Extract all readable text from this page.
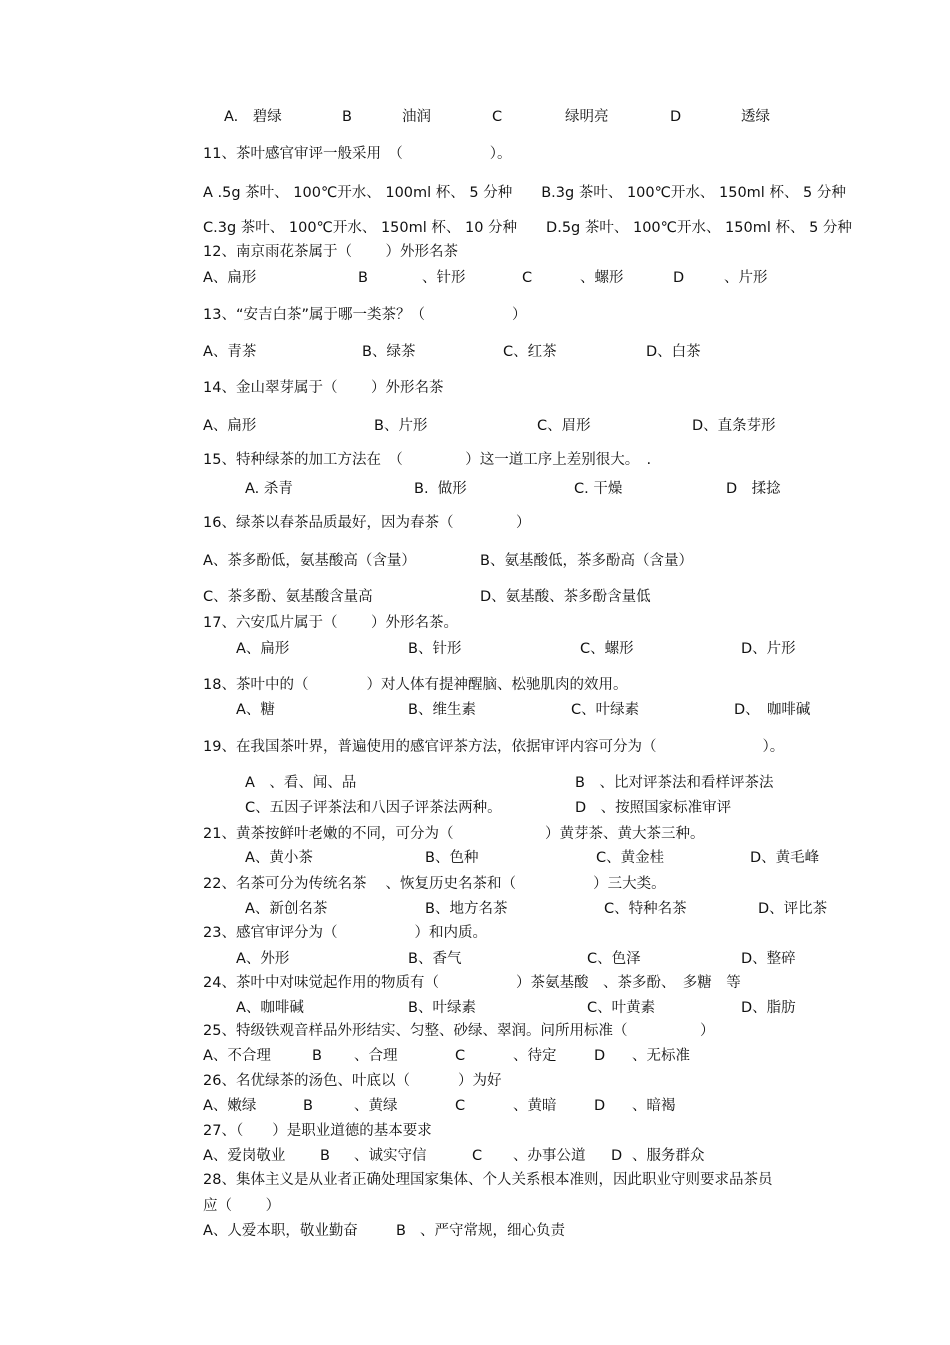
A.　碧绿	B	油润	C	绿明亮	D	透绿
11、茶叶感官审评一般采用　（　　　　　　）。
A .5g 茶叶、 100℃开水、 100ml 杯、 5 分种　　B.3g 茶叶、 100℃开水、 150ml 杯、 5 分种
C.3g 茶叶、 100℃开水、 150ml 杯、 10 分种　　D.5g 茶叶、 100℃开水、 150ml 杯、 5 分种
12、南京雨花茶属于（　　 ）外形名茶
A、扁形	B	、针形	C	、螺形	D	、片形
13、“安吉白茶”属于哪一类茶？（　　　　　　）
A、青茶	B、绿茶	C、红茶	D、白茶
14、金山翠芽属于（　　 ）外形名茶
A、扁形	B、片形	C、眉形	D、直条芽形
15、特种绿茶的加工方法在　（　　　　 ）这一道工序上差别很大。　.
A. 杀青	B.  做形	C. 干燥	D　揉捻
16、绿茶以春茶品质最好，因为春茶（　　　　 ）
A、茶多酚低，氨基酸高（含量）	B、氨基酸低，茶多酚高（含量）
C、茶多酚、氨基酸含量高	D、氨基酸、茶多酚含量低
17、六安瓜片属于（　　 ）外形名茶。
A、扁形	B、针形	C、螺形	D、片形
18、茶叶中的（　　　　）对人体有提神醒脑、松驰肌肉的效用。
A、糖	B、维生素	C、叶绿素	D、　咖啡碱
19、在我国茶叶界，普遍使用的感官评茶方法，依据审评内容可分为（　　　　　　　 ）。
A　、看、闻、品	B　、比对评茶法和看样评茶法
C、五因子评茶法和八因子评茶法两种。	D　、按照国家标准审评
21、黄茶按鲜叶老嫩的不同，可分为（　　　　　　 ）黄芽茶、黄大茶三种。
A、黄小茶	B、色种	C、黄金桂	D、黄毛峰
22、名茶可分为传统名茶　 、恢复历史名茶和（　　　　　 ）三大类。
A、新创名茶	B、地方名茶	C、特种名茶	D、评比茶
23、感官审评分为（　　　　　 ）和内质。
A、外形	B、香气	C、色泽	D、整碎
24、茶叶中对味觉起作用的物质有（　　　　　 ）茶氨基酸　、茶多酚、　多糖　等
A、咖啡碱	B、叶绿素	C、叶黄素	D、脂肪
25、特级铁观音样品外形结实、匀整、砂绿、翠润。问所用标准（　　　　　）
A、不合理	B 、合理	C	、待定	D 、无标准
26、名优绿茶的汤色、叶底以（　　　 ）为好
A、嫩绿	B	、黄绿	C	、黄暗	D 、暗褐
27、（　　）是职业道德的基本要求
A、爱岗敬业 B 、诚实守信	C 、办事公道 D 、服务群众
28、集体主义是从业者正确处理国家集体、个人关系根本准则，因此职业守则要求品茶员
应（　　 ）
A、人爱本职，敬业勤奋	B 、严守常规，细心负责
